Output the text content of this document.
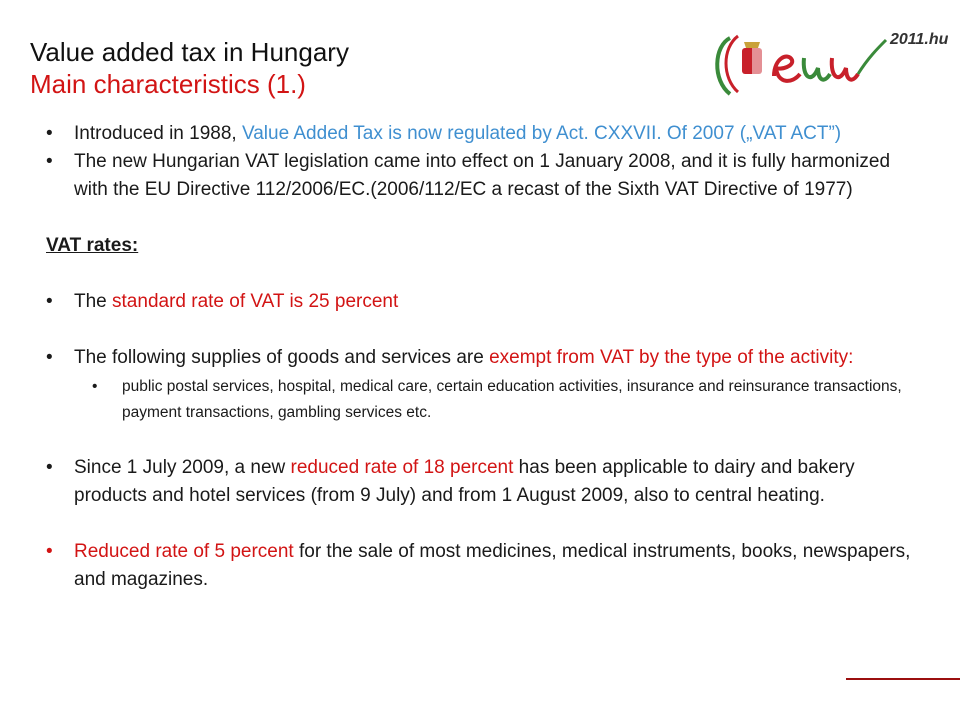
Value added tax in Hungary
Main characteristics (1.)
2011.hu
•	Introduced in 1988, Value Added Tax is now regulated by Act. CXXVII. Of 2007 („VAT ACT”)
•	The new Hungarian VAT legislation came into effect on 1 January 2008, and it is fully harmonized with the EU Directive 112/2006/EC.(2006/112/EC a recast of the Sixth VAT Directive of 1977)
VAT rates:
•	The standard rate of VAT is 25 percent
•	The following supplies of goods and services are exempt from VAT by the type of the activity:
• public postal services, hospital, medical care, certain education activities, insurance and reinsurance transactions, payment transactions, gambling services etc.
•	Since 1 July 2009, a new reduced rate of 18 percent has been applicable to dairy and bakery products and hotel services (from 9 July) and from 1 August 2009, also to central heating.
•	Reduced rate of 5 percent for the sale of most medicines, medical instruments, books, newspapers, and magazines.
